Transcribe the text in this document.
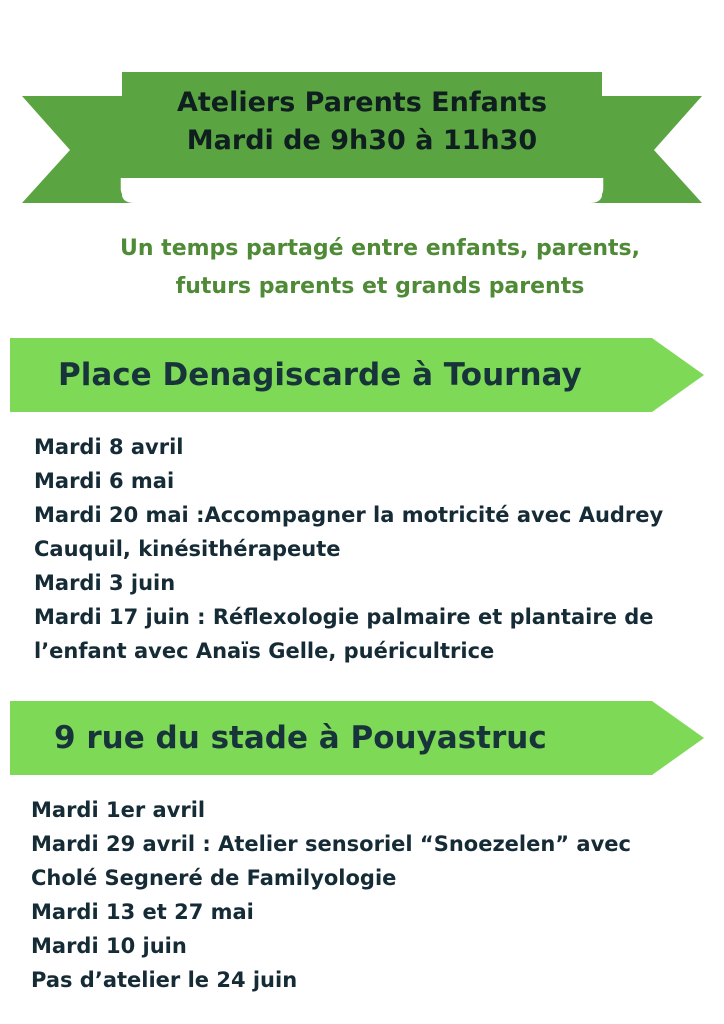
Ateliers Parents Enfants
Mardi de 9h30 à 11h30
Un temps partagé entre enfants, parents,
futurs parents et grands parents
Place Denagiscarde à Tournay
Mardi 8 avril
Mardi 6 mai
Mardi 20 mai :Accompagner la motricité avec Audrey
Cauquil, kinésithérapeute
Mardi 3 juin
Mardi 17 juin : Réflexologie palmaire et plantaire de
l’enfant avec Anaïs Gelle, puéricultrice
9 rue du stade à Pouyastruc
Mardi 1er avril
Mardi 29 avril : Atelier sensoriel “Snoezelen” avec
Cholé Segneré de Familyologie
Mardi 13 et 27 mai
Mardi 10 juin
Pas d’atelier le 24 juin
